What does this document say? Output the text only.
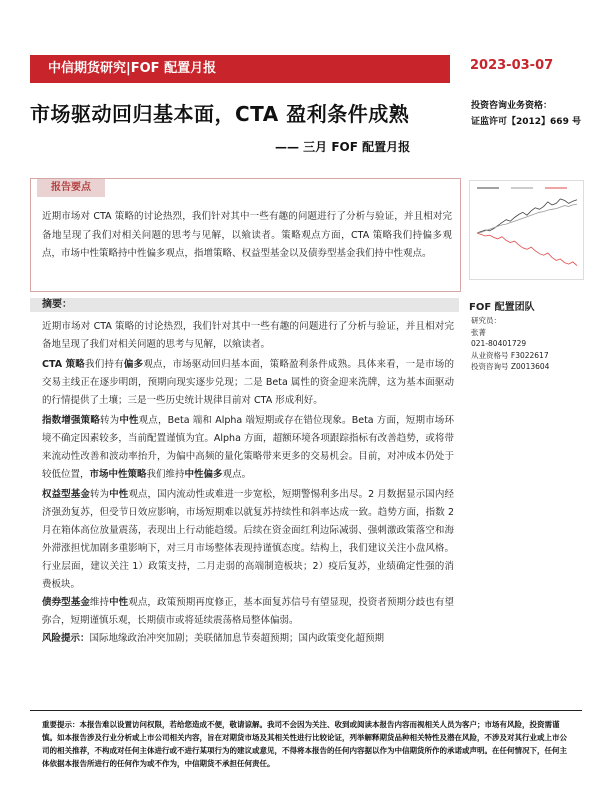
中信期货研究|FOF 配置月报	2023-03-07
市场驱动回归基本面，CTA 盈利条件成熟
—— 三月 FOF 配置月报
投资咨询业务资格：
证监许可【2012】669 号
报告要点
近期市场对 CTA 策略的讨论热烈，我们针对其中一些有趣的问题进行了分析与验证，并且相对完备地呈现了我们对相关问题的思考与见解，以飨读者。策略观点方面，CTA 策略我们持偏多观点，市场中性策略持中性偏多观点，指增策略、权益型基金以及债券型基金我们持中性观点。
摘要：
近期市场对 CTA 策略的讨论热烈，我们针对其中一些有趣的问题进行了分析与验证，并且相对完备地呈现了我们对相关问题的思考与见解，以飨读者。
CTA 策略我们持有偏多观点，市场驱动回归基本面，策略盈利条件成熟。具体来看，一是市场的交易主线正在逐步明朗，预期向现实逐步兑现；二是 Beta 属性的资金迎来洗牌，这为基本面驱动的行情提供了土壤；三是一些历史统计规律目前对 CTA 形成利好。
指数增强策略转为中性观点，Beta 端和 Alpha 端短期或存在错位现象。Beta 方面，短期市场环境不确定因素较多，当前配置谨慎为宜。Alpha 方面，超额环境各项跟踪指标有改善趋势，或将带来流动性改善和波动率抬升，为偏中高频的量化策略带来更多的交易机会。目前，对冲成本仍处于较低位置，市场中性策略我们维持中性偏多观点。
权益型基金转为中性观点，国内流动性或难进一步宽松，短期警惕利多出尽。2 月数据显示国内经济强劲复苏，但受节日效应影响，市场短期难以就复苏持续性和斜率达成一致。趋势方面，指数 2 月在箱体高位放量震荡，表现出上行动能趋缓。后续在资金面红利边际减弱、强刺激政策落空和海外滞涨担忧加剧多重影响下，对三月市场整体表现持谨慎态度。结构上，我们建议关注小盘风格。行业层面，建议关注 1）政策支持，二月走弱的高端制造板块；2）疫后复苏，业绩确定性强的消费板块。
债券型基金维持中性观点，政策预期再度修正，基本面复苏信号有望显现，投资者预期分歧也有望弥合，短期谨慎乐观，长期债市或将延续震荡格局整体偏弱。
风险提示：国际地缘政治冲突加剧；美联储加息节奏超预期；国内政策变化超预期
FOF 配置团队
研究员：
张菁
021-80401729
从业资格号 F3022617
投资咨询号 Z0013604
重要提示：本报告难以设置访问权限，若给您造成不便，敬请谅解。我司不会因为关注、收到或阅读本报告内容而视相关人员为客户；市场有风险，投资需谨慎。如本报告涉及行业分析或上市公司相关内容，旨在对期货市场及其相关性进行比较论证，列举解释期货品种相关特性及潜在风险，不涉及对其行业或上市公司的相关推荐，不构成对任何主体进行或不进行某项行为的建议或意见，不得将本报告的任何内容据以作为中信期货所作的承诺或声明。在任何情况下，任何主体依据本报告所进行的任何作为或不作为，中信期货不承担任何责任。
